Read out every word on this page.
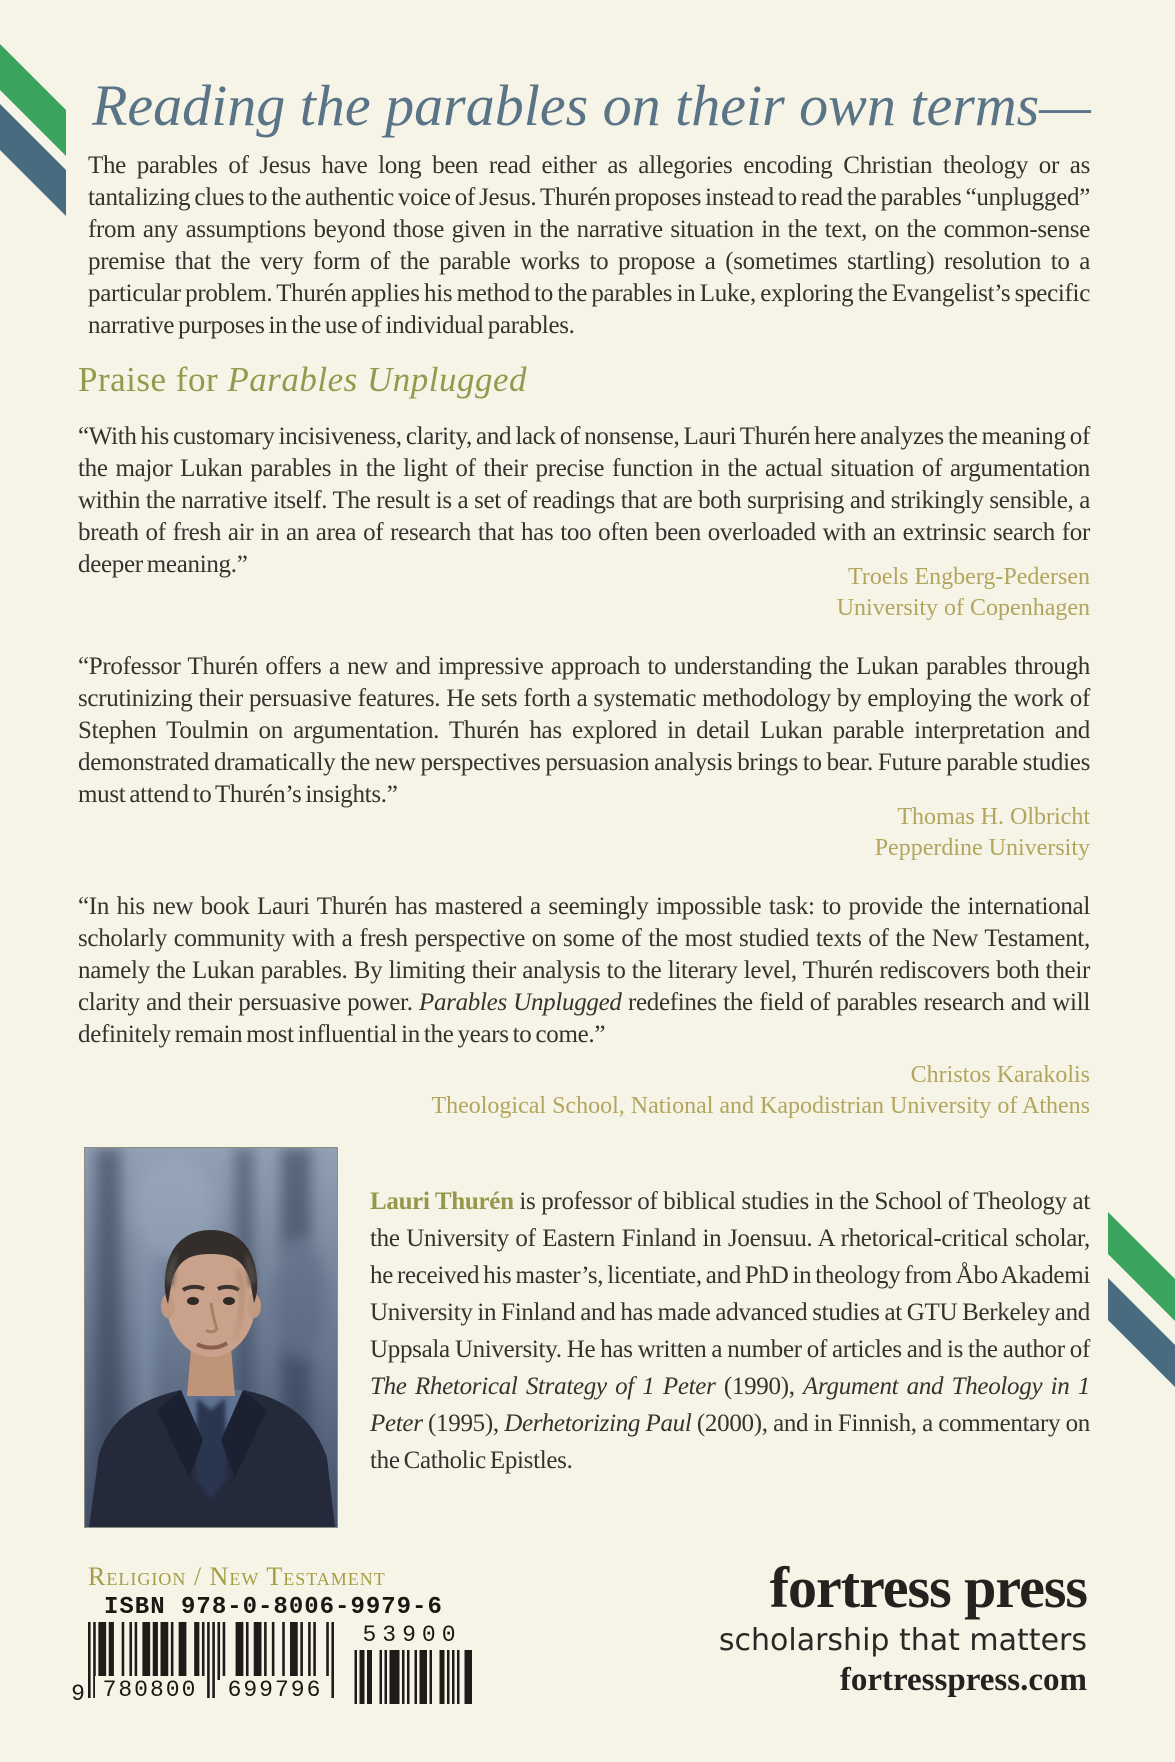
Reading the parables on their own terms—
The parables of Jesus have long been read either as allegories encoding Christian theology or as tantalizing clues to the authentic voice of Jesus. Thurén proposes instead to read the parables “unplugged” from any assumptions beyond those given in the narrative situation in the text, on the common-sense premise that the very form of the parable works to propose a (sometimes startling) resolution to a particular problem. Thurén applies his method to the parables in Luke, exploring the Evangelist’s specific narrative purposes in the use of individual parables.
Praise for Parables Unplugged
“With his customary incisiveness, clarity, and lack of nonsense, Lauri Thurén here analyzes the meaning of the major Lukan parables in the light of their precise function in the actual situation of argumentation within the narrative itself. The result is a set of readings that are both surprising and strikingly sensible, a breath of fresh air in an area of research that has too often been overloaded with an extrinsic search for deeper meaning.”	Troels Engberg-Pedersen
University of Copenhagen
“Professor Thurén offers a new and impressive approach to understanding the Lukan parables through scrutinizing their persuasive features. He sets forth a systematic methodology by employing the work of Stephen Toulmin on argumentation. Thurén has explored in detail Lukan parable interpretation and demonstrated dramatically the new perspectives persuasion analysis brings to bear. Future parable studies must attend to Thurén’s insights.”
Thomas H. Olbricht
Pepperdine University
“In his new book Lauri Thurén has mastered a seemingly impossible task: to provide the international scholarly community with a fresh perspective on some of the most studied texts of the New Testament, namely the Lukan parables. By limiting their analysis to the literary level, Thurén rediscovers both their clarity and their persuasive power. Parables Unplugged redefines the field of parables research and will definitely remain most influential in the years to come.”
Christos Karakolis
Theological School, National and Kapodistrian University of Athens
Lauri Thurén is professor of biblical studies in the School of Theology at the University of Eastern Finland in Joensuu. A rhetorical-critical scholar, he received his master’s, licentiate, and PhD in theology from Åbo Akademi University in Finland and has made advanced studies at GTU Berkeley and Uppsala University. He has written a number of articles and is the author of The Rhetorical Strategy of 1 Peter (1990), Argument and Theology in 1 Peter (1995), Derhetorizing Paul (2000), and in Finnish, a commentary on the Catholic Epistles.
Religion / New Testament
ISBN 978-0-8006-9979-6
9 780800	699796
53900
fortress press
scholarship that matters
fortresspress.com
